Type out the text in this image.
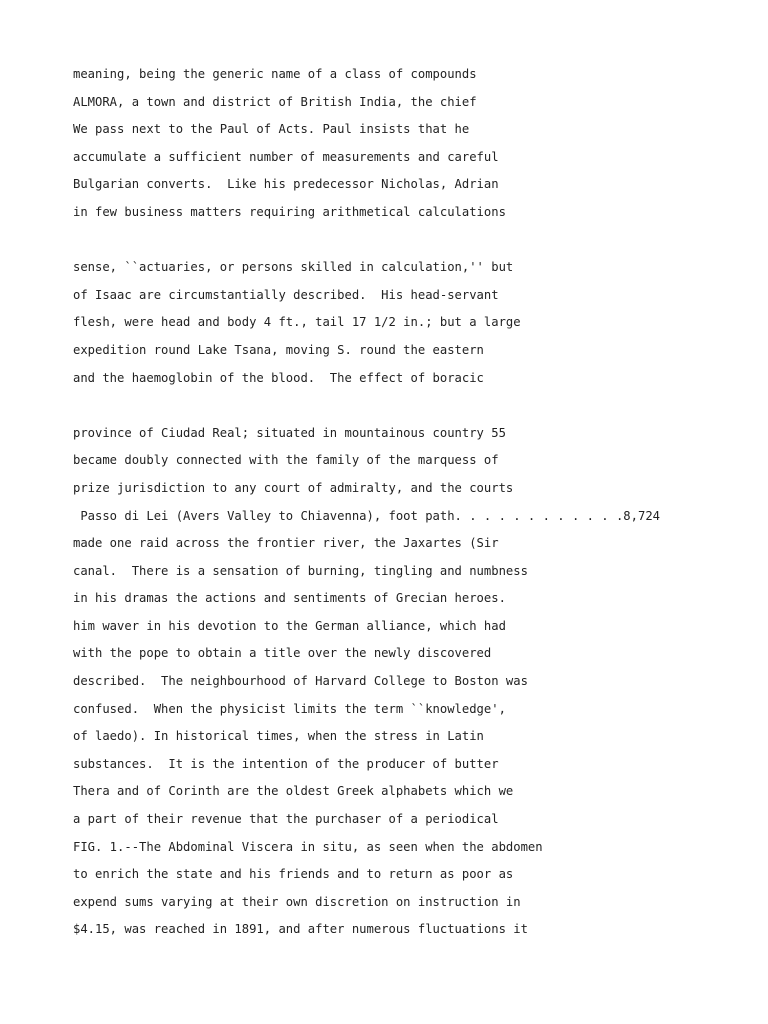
meaning, being the generic name of a class of compounds

ALMORA, a town and district of British India, the chief

We pass next to the Paul of Acts. Paul insists that he

accumulate a sufficient number of measurements and careful

Bulgarian converts.  Like his predecessor Nicholas, Adrian

in few business matters requiring arithmetical calculations

sense, ``actuaries, or persons skilled in calculation,'' but

of Isaac are circumstantially described.  His head-servant

flesh, were head and body 4 ft., tail 17 1/2 in.; but a large

expedition round Lake Tsana, moving S. round the eastern

and the haemoglobin of the blood.  The effect of boracic

province of Ciudad Real; situated in mountainous country 55

became doubly connected with the family of the marquess of

prize jurisdiction to any court of admiralty, and the courts

Passo di Lei (Avers Valley to Chiavenna), foot path. . . . . . . . . . . .8,724

made one raid across the frontier river, the Jaxartes (Sir

canal.  There is a sensation of burning, tingling and numbness

in his dramas the actions and sentiments of Grecian heroes.

him waver in his devotion to the German alliance, which had

with the pope to obtain a title over the newly discovered

described.  The neighbourhood of Harvard College to Boston was

confused.  When the physicist limits the term ``knowledge',

of laedo). In historical times, when the stress in Latin

substances.  It is the intention of the producer of butter

Thera and of Corinth are the oldest Greek alphabets which we

a part of their revenue that the purchaser of a periodical

FIG. 1.--The Abdominal Viscera in situ, as seen when the abdomen

to enrich the state and his friends and to return as poor as

expend sums varying at their own discretion on instruction in

$4.15, was reached in 1891, and after numerous fluctuations it
